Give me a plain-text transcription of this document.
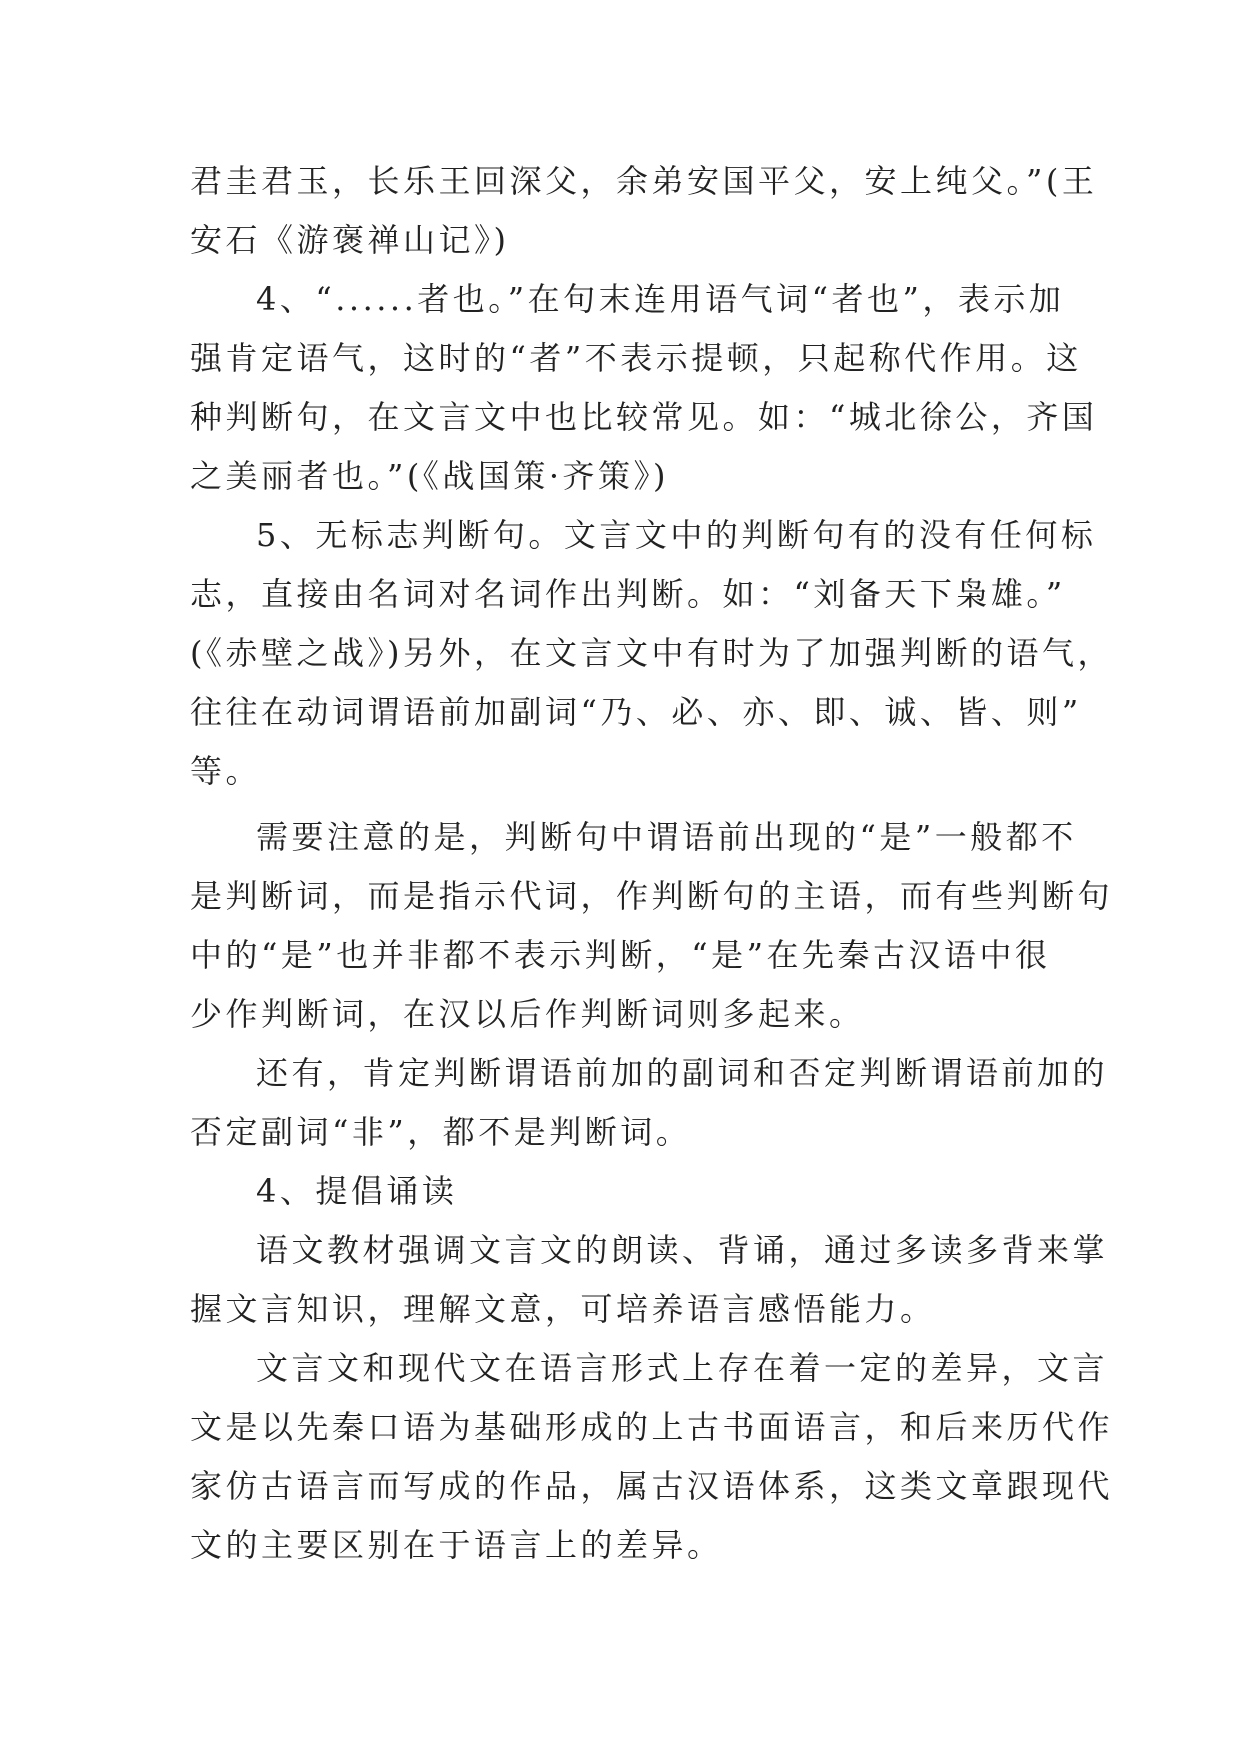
君圭君玉，长乐王回深父，余弟安国平父，安上纯父。”(王
安石《游褒禅山记》)
4、“......者也。”在句末连用语气词“者也”，表示加
强肯定语气，这时的“者”不表示提顿，只起称代作用。这
种判断句，在文言文中也比较常见。如：“城北徐公，齐国
之美丽者也。”(《战国策·齐策》)
5、无标志判断句。文言文中的判断句有的没有任何标
志，直接由名词对名词作出判断。如：“刘备天下枭雄。”
(《赤壁之战》)另外，在文言文中有时为了加强判断的语气，
往往在动词谓语前加副词“乃、必、亦、即、诚、皆、则”
等。
需要注意的是，判断句中谓语前出现的“是”一般都不
是判断词，而是指示代词，作判断句的主语，而有些判断句
中的“是”也并非都不表示判断，“是”在先秦古汉语中很
少作判断词，在汉以后作判断词则多起来。
还有，肯定判断谓语前加的副词和否定判断谓语前加的
否定副词“非”，都不是判断词。
4、提倡诵读
语文教材强调文言文的朗读、背诵，通过多读多背来掌
握文言知识，理解文意，可培养语言感悟能力。
文言文和现代文在语言形式上存在着一定的差异，文言
文是以先秦口语为基础形成的上古书面语言，和后来历代作
家仿古语言而写成的作品，属古汉语体系，这类文章跟现代
文的主要区别在于语言上的差异。
